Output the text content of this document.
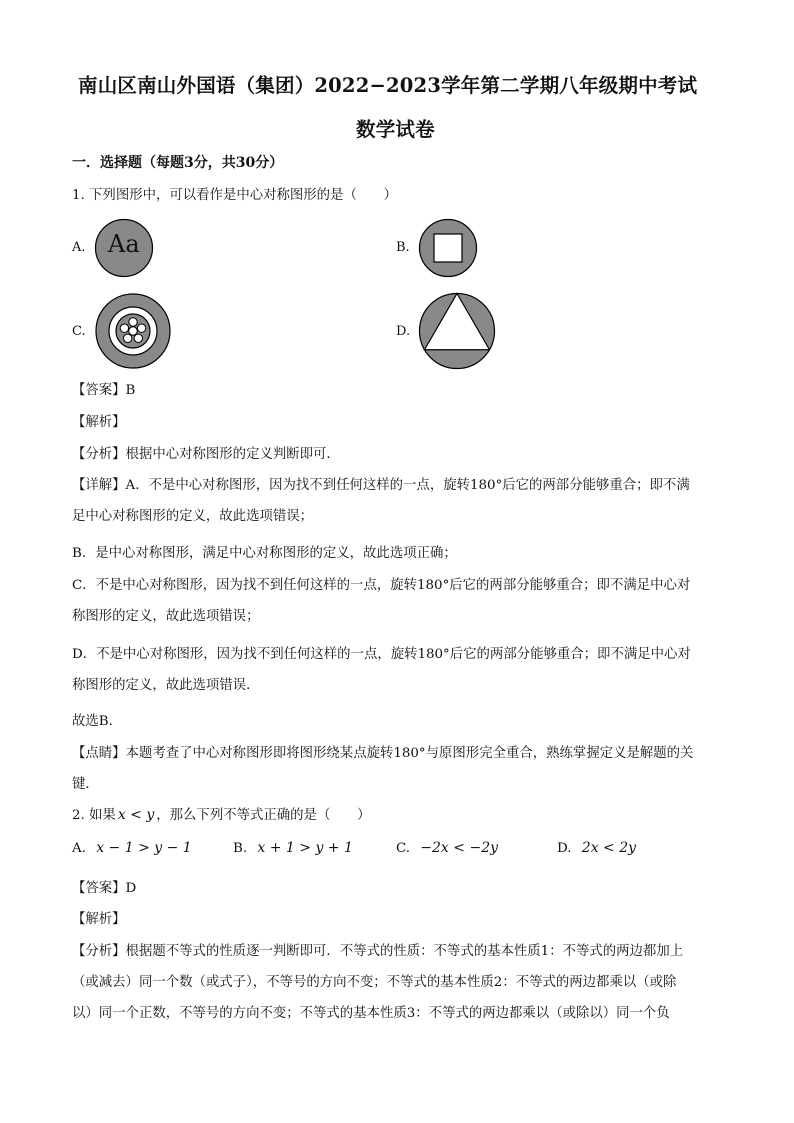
南山区南山外国语（集团）2022−2023学年第二学期八年级期中考试
数学试卷
一．选择题（每题3分，共30分）
1. 下列图形中，可以看作是中心对称图形的是（　　）
A. Aa	B.
C.	D.
【答案】B
【解析】
【分析】根据中心对称图形的定义判断即可．
【详解】A．不是中心对称图形，因为找不到任何这样的一点，旋转180°后它的两部分能够重合；即不满
足中心对称图形的定义，故此选项错误；
B．是中心对称图形，满足中心对称图形的定义，故此选项正确；
C．不是中心对称图形，因为找不到任何这样的一点，旋转180°后它的两部分能够重合；即不满足中心对
称图形的定义，故此选项错误；
D．不是中心对称图形，因为找不到任何这样的一点，旋转180°后它的两部分能够重合；即不满足中心对
称图形的定义，故此选项错误．
故选B．
【点睛】本题考查了中心对称图形即将图形绕某点旋转180°与原图形完全重合，熟练掌握定义是解题的关
键．
2. 如果 x < y ，那么下列不等式正确的是（　　）
A. x − 1 > y − 1	B. x + 1 > y + 1	C. −2x < −2y	D. 2x < 2y
【答案】D
【解析】
【分析】根据题不等式的性质逐一判断即可．不等式的性质：不等式的基本性质1：不等式的两边都加上
（或减去）同一个数（或式子），不等号的方向不变；不等式的基本性质2：不等式的两边都乘以（或除
以）同一个正数，不等号的方向不变；不等式的基本性质3：不等式的两边都乘以（或除以）同一个负
